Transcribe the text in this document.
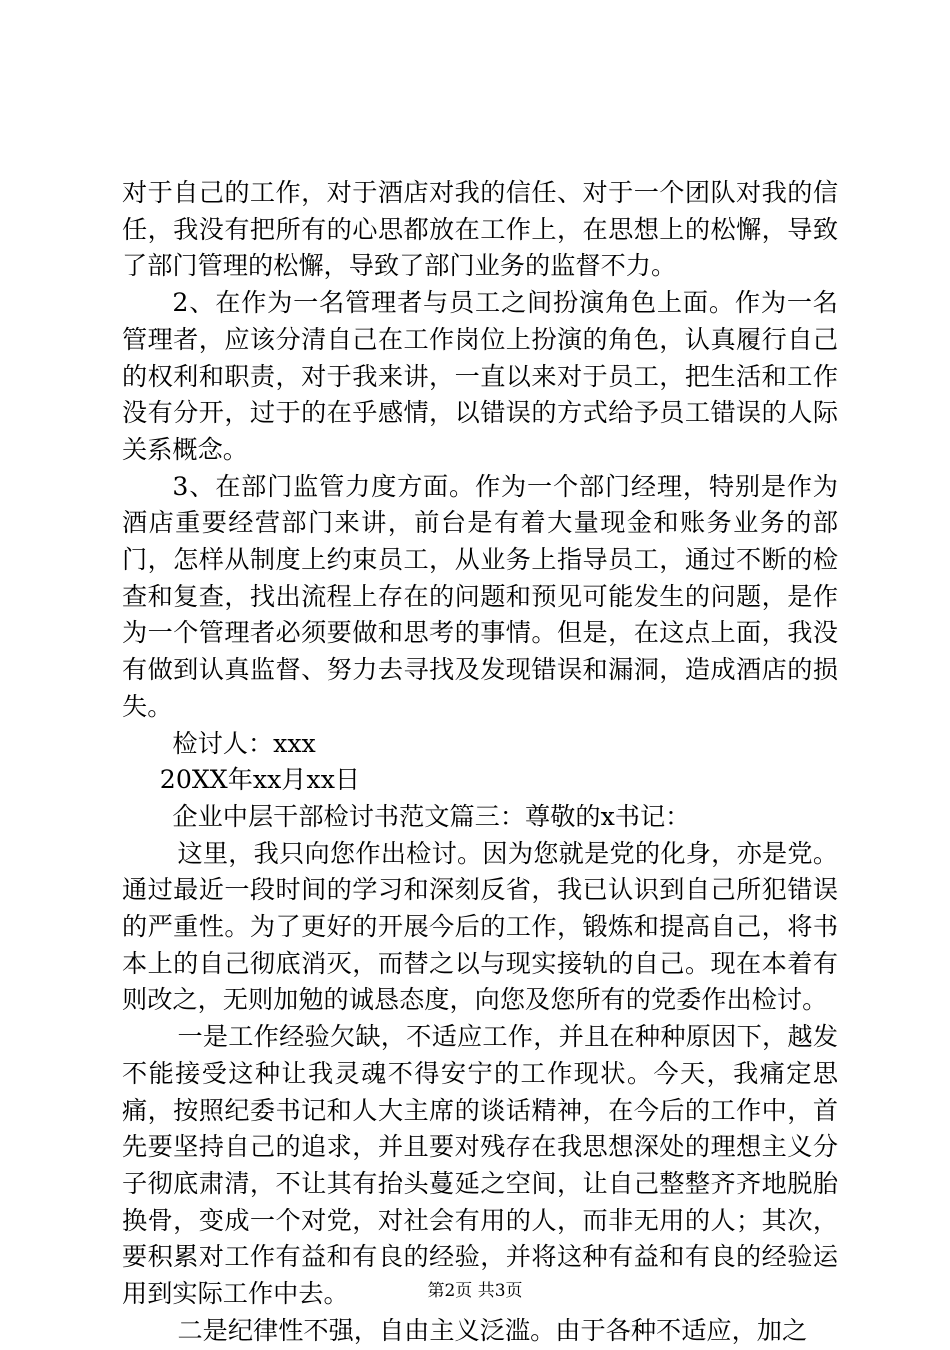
对于自己的工作，对于酒店对我的信任、对于一个团队对我的信任，我没有把所有的心思都放在工作上，在思想上的松懈，导致了部门管理的松懈，导致了部门业务的监督不力。

2、在作为一名管理者与员工之间扮演角色上面。作为一名管理者，应该分清自己在工作岗位上扮演的角色，认真履行自己的权利和职责，对于我来讲，一直以来对于员工，把生活和工作没有分开，过于的在乎感情，以错误的方式给予员工错误的人际关系概念。

3、在部门监管力度方面。作为一个部门经理，特别是作为酒店重要经营部门来讲，前台是有着大量现金和账务业务的部门，怎样从制度上约束员工，从业务上指导员工，通过不断的检查和复查，找出流程上存在的问题和预见可能发生的问题，是作为一个管理者必须要做和思考的事情。但是，在这点上面，我没有做到认真监督、努力去寻找及发现错误和漏洞，造成酒店的损失。

检讨人：xxx

20XX年xx月xx日

企业中层干部检讨书范文篇三：尊敬的x书记：

这里，我只向您作出检讨。因为您就是党的化身，亦是党。通过最近一段时间的学习和深刻反省，我已认识到自己所犯错误的严重性。为了更好的开展今后的工作，锻炼和提高自己，将书本上的自己彻底消灭，而替之以与现实接轨的自己。现在本着有则改之，无则加勉的诚恳态度，向您及您所有的党委作出检讨。

一是工作经验欠缺，不适应工作，并且在种种原因下，越发不能接受这种让我灵魂不得安宁的工作现状。今天，我痛定思痛，按照纪委书记和人大主席的谈话精神，在今后的工作中，首先要坚持自己的追求，并且要对残存在我思想深处的理想主义分子彻底肃清，不让其有抬头蔓延之空间，让自己整整齐齐地脱胎换骨，变成一个对党，对社会有用的人，而非无用的人；其次，要积累对工作有益和有良的经验，并将这种有益和有良的经验运用到实际工作中去。

二是纪律性不强，自由主义泛滥。由于各种不适应，加之

第2页 共3页
